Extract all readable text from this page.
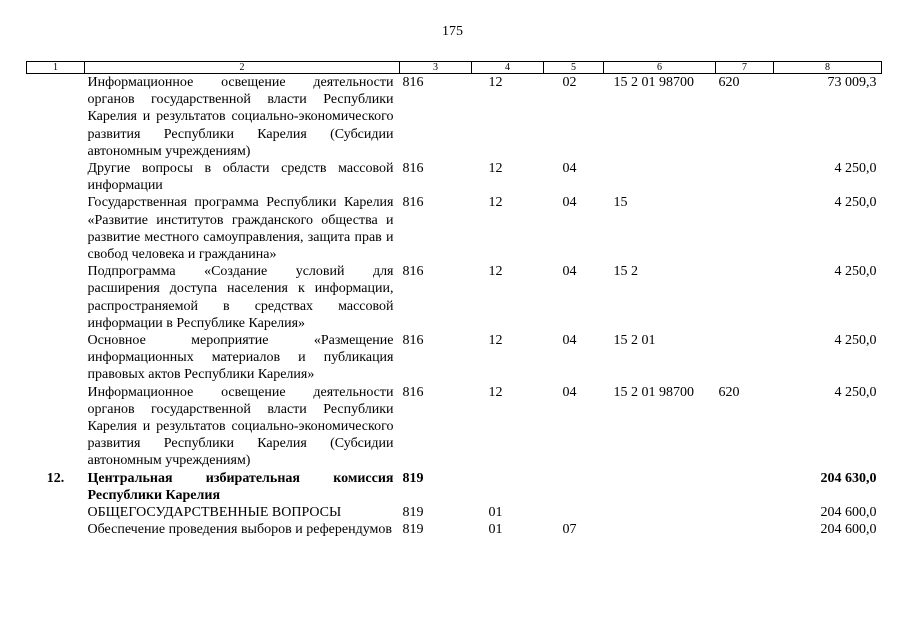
175
1	2	3	4	5	6	7	8
	Информационное освещение деятельности органов государственной власти Республики Карелия и результатов социально-экономического развития Республики Карелия (Субсидии автономным учреждениям)	816	12	02	15 2 01 98700	620	73 009,3
	Другие вопросы в области средств массовой информации	816	12	04			4 250,0
	Государственная программа Республики Карелия «Развитие институтов гражданского общества и развитие местного самоуправления, защита прав и свобод человека и гражданина»	816	12	04	15		4 250,0
	Подпрограмма «Создание условий для расширения доступа населения к информации, распространяемой в средствах массовой информации в Республике Карелия»	816	12	04	15 2		4 250,0
	Основное мероприятие «Размещение информационных материалов и публикация правовых актов Республики Карелия»	816	12	04	15 2 01		4 250,0
	Информационное освещение деятельности органов государственной власти Республики Карелия и результатов социально-экономического развития Республики Карелия (Субсидии автономным учреждениям)	816	12	04	15 2 01 98700	620	4 250,0
12.	Центральная избирательная комиссия Республики Карелия	819					204 630,0
	ОБЩЕГОСУДАРСТВЕННЫЕ ВОПРОСЫ	819	01				204 600,0
	Обеспечение проведения выборов и референдумов	819	01	07			204 600,0
